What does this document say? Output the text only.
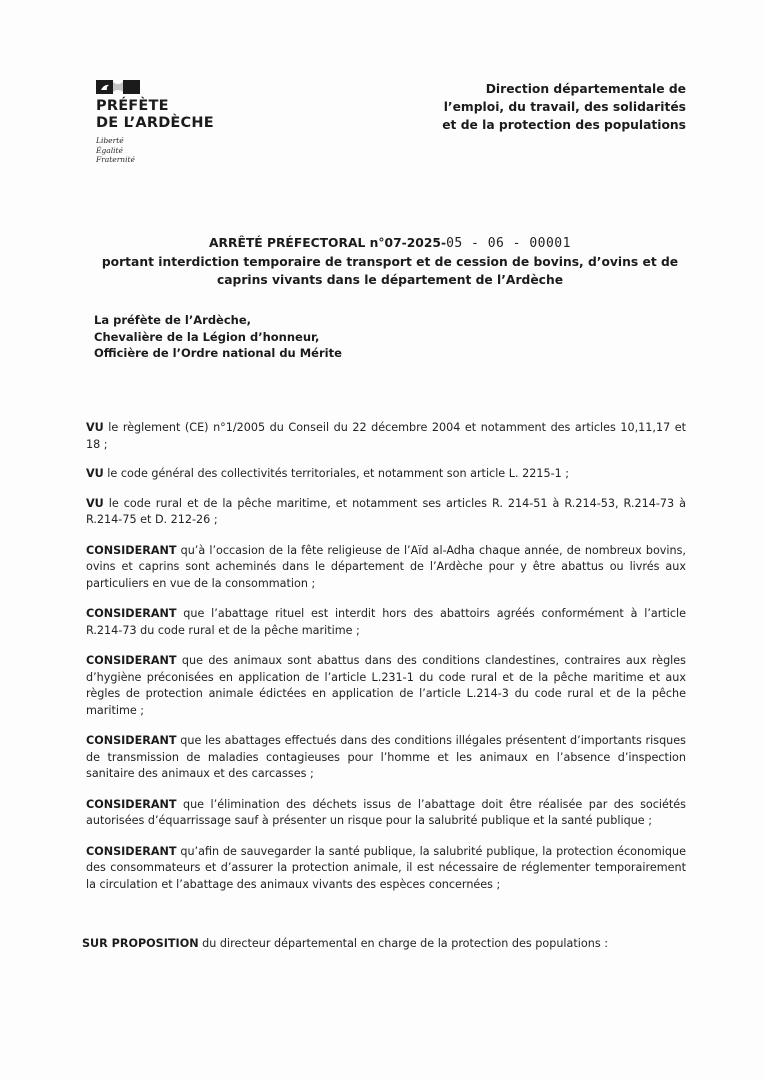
PRÉFÈTE
DE L’ARDÈCHE
Liberté
Égalité
Fraternité
Direction départementale de
l’emploi, du travail, des solidarités
et de la protection des populations
ARRÊTÉ PRÉFECTORAL n°07-2025-05 - 06 - 00001
portant interdiction temporaire de transport et de cession de bovins, d’ovins et de
caprins vivants dans le département de l’Ardèche
La préfète de l’Ardèche,
Chevalière de la Légion d’honneur,
Officière de l’Ordre national du Mérite

VU le règlement (CE) n°1/2005 du Conseil du 22 décembre 2004 et notamment des articles 10,11,17 et 18 ;

VU le code général des collectivités territoriales, et notamment son article L. 2215-1 ;

VU le code rural et de la pêche maritime, et notamment ses articles R. 214-51 à R.214-53, R.214-73 à R.214-75 et D. 212-26 ;

CONSIDERANT qu’à l’occasion de la fête religieuse de l’Aïd al-Adha chaque année, de nombreux bovins, ovins et caprins sont acheminés dans le département de l’Ardèche pour y être abattus ou livrés aux particuliers en vue de la consommation ;

CONSIDERANT que l’abattage rituel est interdit hors des abattoirs agréés conformément à l’article R.214-73 du code rural et de la pêche maritime ;

CONSIDERANT que des animaux sont abattus dans des conditions clandestines, contraires aux règles d’hygiène préconisées en application de l’article L.231-1 du code rural et de la pêche maritime et aux règles de protection animale édictées en application de l’article L.214-3 du code rural et de la pêche maritime ;

CONSIDERANT que les abattages effectués dans des conditions illégales présentent d’importants risques de transmission de maladies contagieuses pour l’homme et les animaux en l’absence d’inspection sanitaire des animaux et des carcasses ;

CONSIDERANT que l’élimination des déchets issus de l’abattage doit être réalisée par des sociétés autorisées d’équarrissage sauf à présenter un risque pour la salubrité publique et la santé publique ;

CONSIDERANT qu’afin de sauvegarder la santé publique, la salubrité publique, la protection économique des consommateurs et d’assurer la protection animale, il est nécessaire de réglementer temporairement la circulation et l’abattage des animaux vivants des espèces concernées ;

SUR PROPOSITION du directeur départemental en charge de la protection des populations :
